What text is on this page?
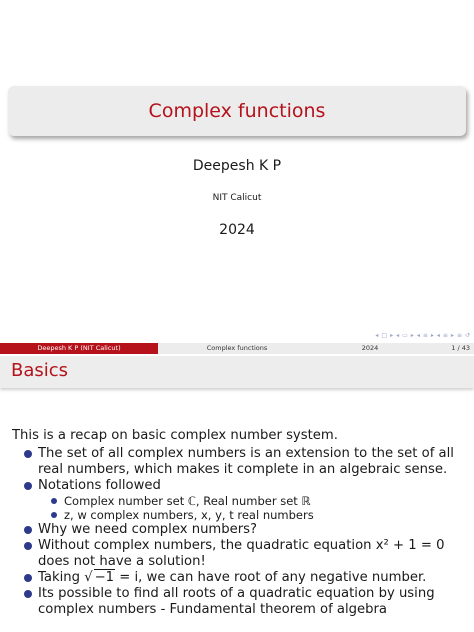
Complex functions
Deepesh K P
NIT Calicut
2024
◂ □ ▸ ◂ ▭ ▸ ◂ ≡ ▸ ◂ ≡ ▸ ≡ ↺
Deepesh K P (NIT Calicut)	Complex functions	2024	1 / 43
Basics
This is a recap on basic complex number system.
The set of all complex numbers is an extension to the set of all real numbers, which makes it complete in an algebraic sense.
Notations followed
Complex number set ℂ, Real number set ℝ
z, w complex numbers, x, y, t real numbers
Why we need complex numbers?
Without complex numbers, the quadratic equation x² + 1 = 0 does not have a solution!
Taking √ −1 = i, we can have root of any negative number.
Its possible to find all roots of a quadratic equation by using complex numbers - Fundamental theorem of algebra
